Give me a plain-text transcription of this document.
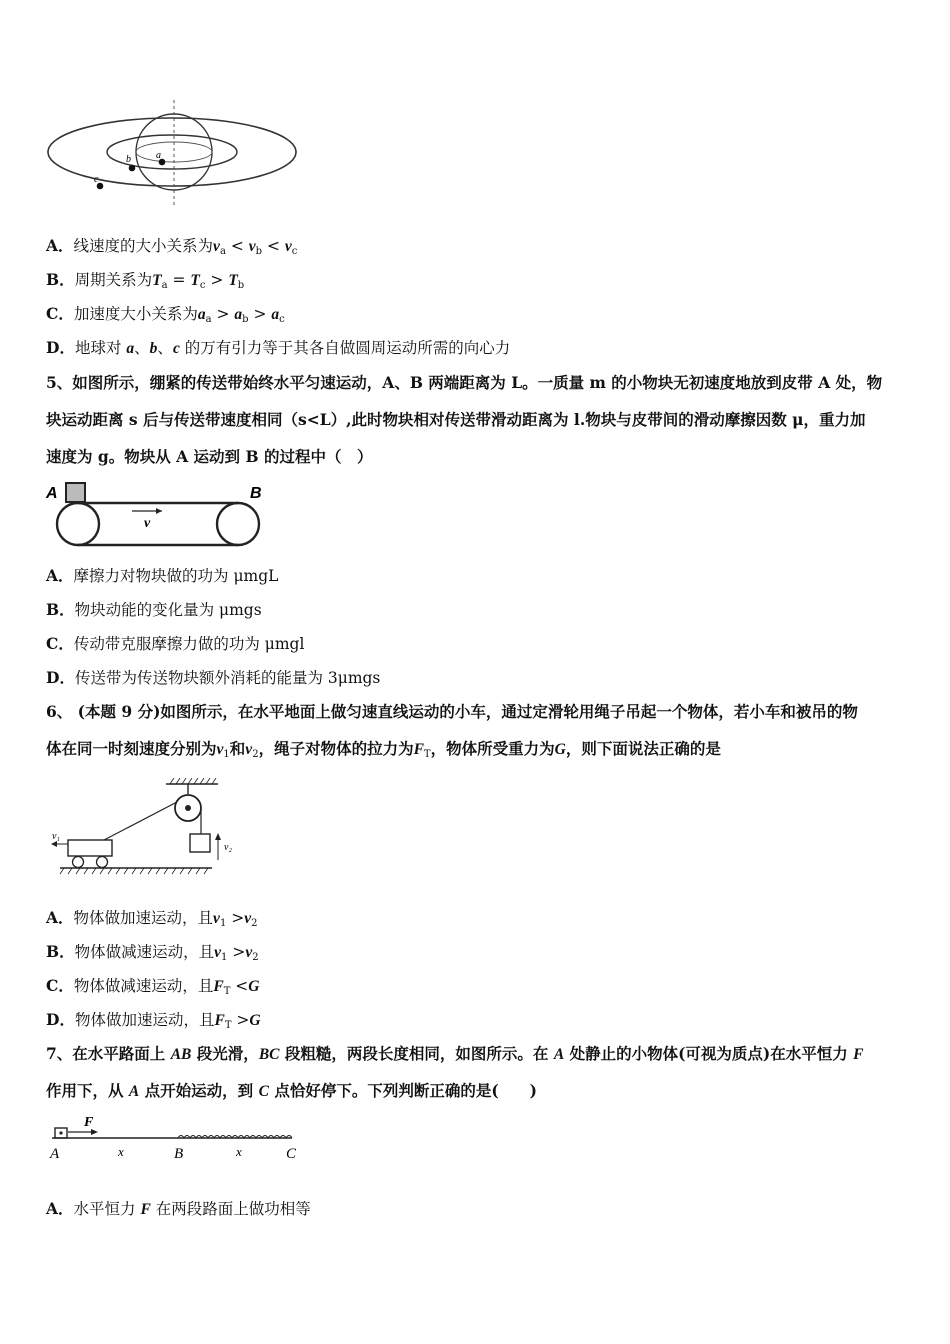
a
b
c
A．线速度的大小关系为$v_a < v_b < v_c$
B．周期关系为$T_a = T_c > T_b$
C．加速度大小关系为$a_a > a_b > a_c$
D．地球对 a、b、c 的万有引力等于其各自做圆周运动所需的向心力
5、如图所示，绷紧的传送带始终水平匀速运动，A、B 两端距离为 L。一质量 m 的小物块无初速度地放到皮带 A 处，物
块运动距离 s 后与传送带速度相同（s<L）,此时物块相对传送带滑动距离为 l.物块与皮带间的滑动摩擦因数 μ，重力加
速度为 g。物块从 A 运动到 B 的过程中（　）
A	B
v
A．摩擦力对物块做的功为 μmgL
B．物块动能的变化量为 μmgs
C．传动带克服摩擦力做的功为 μmgl
D．传送带为传送物块额外消耗的能量为 3μmgs
6、 (本题 9 分)如图所示，在水平地面上做匀速直线运动的小车，通过定滑轮用绳子吊起一个物体，若小车和被吊的物
体在同一时刻速度分别为$v_1$和$v_2$，绳子对物体的拉力为$F_T$，物体所受重力为G，则下面说法正确的是
v₁
v₂
A．物体做加速运动，且$v_1 >v_2$
B．物体做减速运动，且$v_1 >v_2$
C．物体做减速运动，且$F_T <G$
D．物体做加速运动，且$F_T >G$
7、在水平路面上 AB 段光滑，BC 段粗糙，两段长度相同，如图所示。在 A 处静止的小物体(可视为质点)在水平恒力 F
作用下，从 A 点开始运动，到 C 点恰好停下。下列判断正确的是(　　)
A
F
x	B	x	C
A．水平恒力 F 在两段路面上做功相等
